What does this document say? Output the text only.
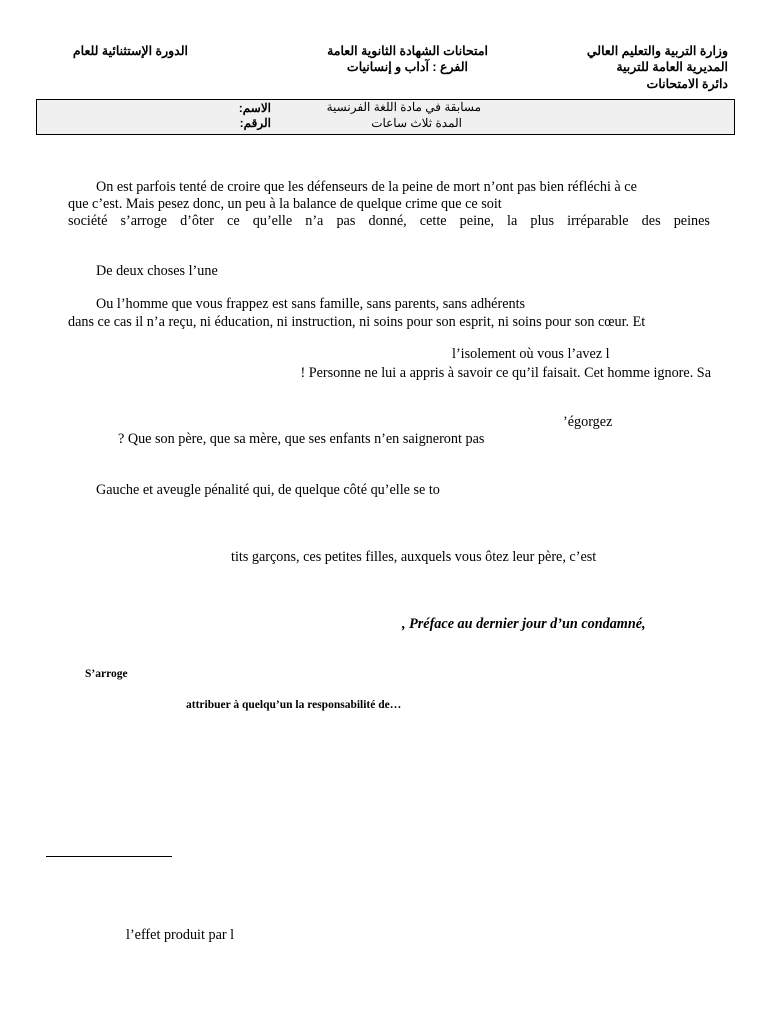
وزارة التربية والتعليم العالي
المديرية العامة للتربية
دائرة الامتحانات
امتحانات الشهادة الثانوية العامة
الفرع : آداب و إنسانيات
الدورة الإستثنائية للعام
الاسم:
الرقم:
مسابقة في مادة اللغة الفرنسية
المدة ثلاث ساعات
On est parfois tenté de croire que les défenseurs de la peine de mort n’ont pas bien réfléchi à ce
que c’est. Mais pesez donc, un peu à la balance de quelque crime que ce soit
société s’arroge d’ôter ce qu’elle n’a pas donné, cette peine, la plus irréparable des peines
De deux choses l’une
Ou l’homme que vous frappez est sans famille, sans parents, sans adhérents
dans ce cas il n’a reçu, ni éducation, ni instruction, ni soins pour son esprit, ni soins pour son cœur. Et
l’isolement où vous l’avez l
! Personne ne lui a appris à savoir ce qu’il faisait. Cet homme ignore. Sa
’égorgez
? Que son père, que sa mère, que ses enfants n’en saigneront pas
Gauche et aveugle pénalité qui, de quelque côté qu’elle se to
tits garçons, ces petites filles, auxquels vous ôtez leur père, c’est
, Préface au dernier jour d’un condamné,
S’arroge
attribuer à quelqu’un la responsabilité de…
l’effet produit par l
